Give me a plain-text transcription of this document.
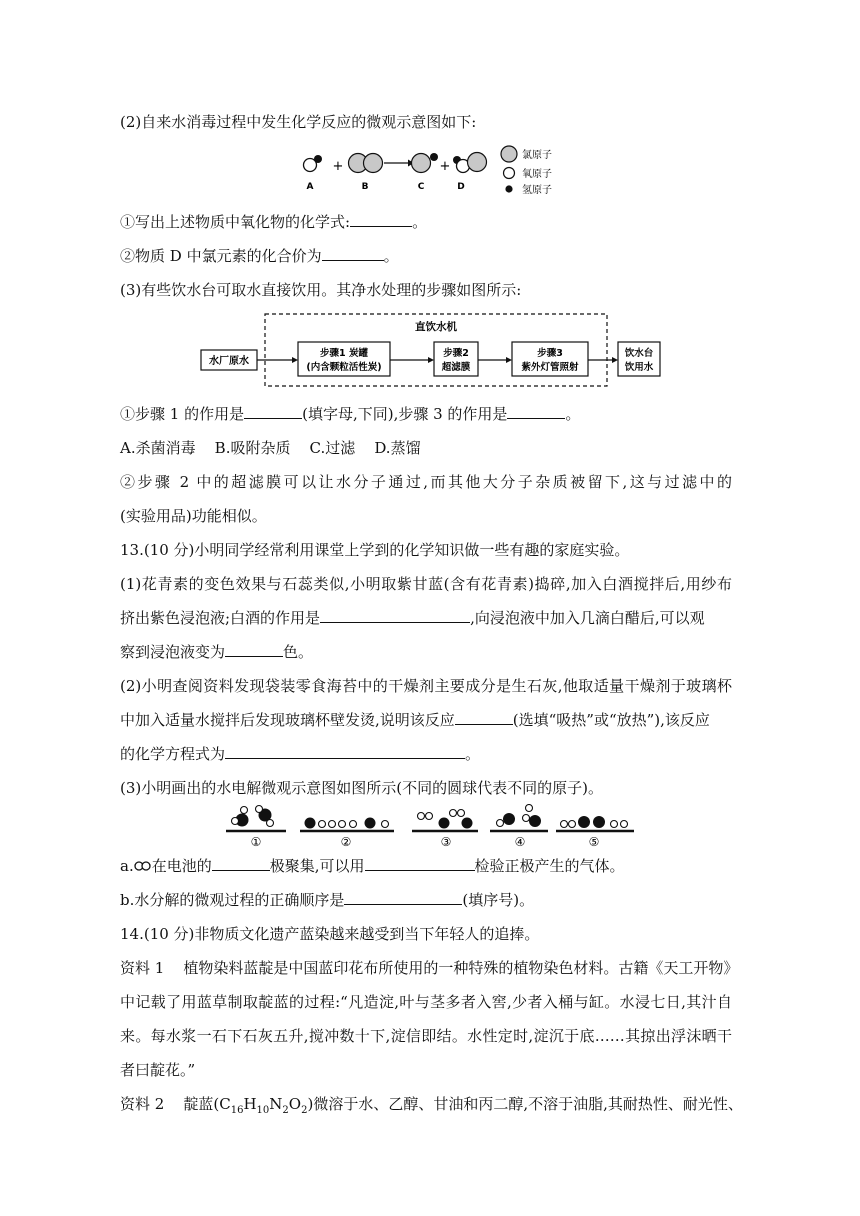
(2)自来水消毒过程中发生化学反应的微观示意图如下:
A
+
B	C
+
D
氯原子
氧原子
氢原子
①写出上述物质中氧化物的化学式:	。
②物质 D 中氯元素的化合价为	。
(3)有些饮水台可取水直接饮用。其净水处理的步骤如图所示:
直饮水机
水厂原水
步骤1 炭罐
(内含颗粒活性炭)
步骤2
超滤膜
步骤3
紫外灯管照射
饮水台
饮用水
①步骤 1 的作用是	(填字母,下同),步骤 3 的作用是	。
A.杀菌消毒    B.吸附杂质    C.过滤    D.蒸馏
②步骤 2 中的超滤膜可以让水分子通过,而其他大分子杂质被留下,这与过滤中的
(实验用品)功能相似。
13.(10 分)小明同学经常利用课堂上学到的化学知识做一些有趣的家庭实验。
(1)花青素的变色效果与石蕊类似,小明取紫甘蓝(含有花青素)捣碎,加入白酒搅拌后,用纱布
挤出紫色浸泡液;白酒的作用是	,向浸泡液中加入几滴白醋后,可以观
察到浸泡液变为	色。
(2)小明查阅资料发现袋装零食海苔中的干燥剂主要成分是生石灰,他取适量干燥剂于玻璃杯
中加入适量水搅拌后发现玻璃杯壁发烫,说明该反应	(选填“吸热”或“放热”),该反应
的化学方程式为	。
(3)小明画出的水电解微观示意图如图所示(不同的圆球代表不同的原子)。
①	②	③	④	⑤
a. 在电池的	极聚集,可以用	检验正极产生的气体。
b.水分解的微观过程的正确顺序是	(填序号)。
14.(10 分)非物质文化遗产蓝染越来越受到当下年轻人的追捧。
资料 1    植物染料蓝靛是中国蓝印花布所使用的一种特殊的植物染色材料。古籍《天工开物》
中记载了用蓝草制取靛蓝的过程:“凡造淀,叶与茎多者入窖,少者入桶与缸。水浸七日,其汁自
来。每水浆一石下石灰五升,搅冲数十下,淀信即结。水性定时,淀沉于底……其掠出浮沫晒干
者曰靛花。”
资料 2    靛蓝$(C_{16}H_{10}N_2O_2)$微溶于水、乙醇、甘油和丙二醇,不溶于油脂,其耐热性、耐光性、
